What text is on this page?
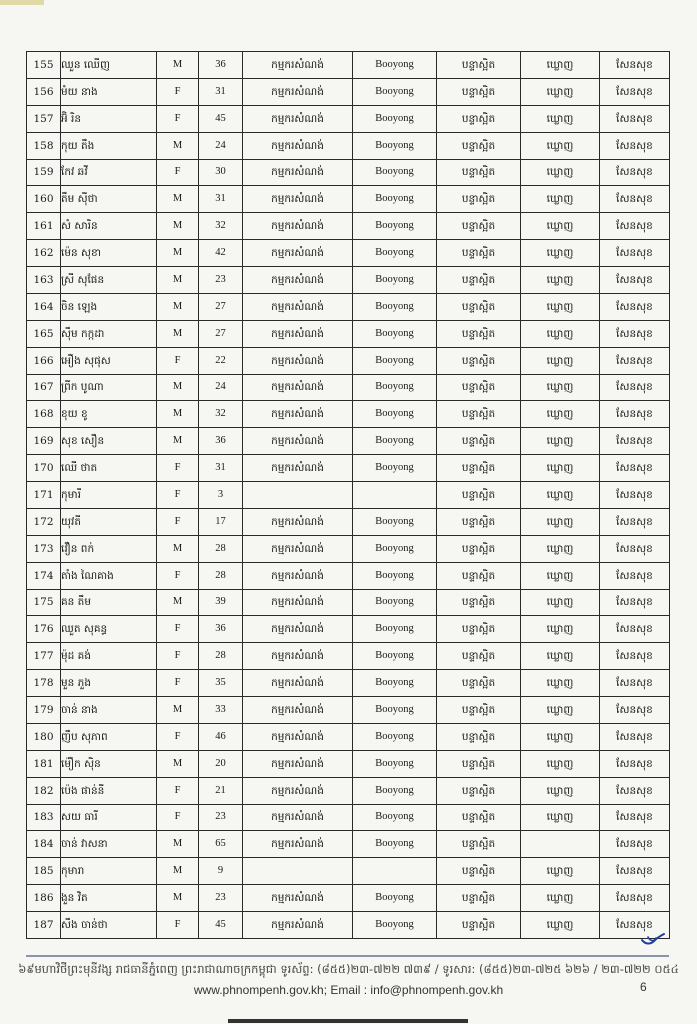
155	ឈួន ឈើញ	M	36	កម្មករសំណង់	Booyong	បន្ទាស្អិត	ឃ្លោញ	សែនសុខ
156	មំយ នាង	F	31	កម្មករសំណង់	Booyong	បន្ទាស្អិត	ឃ្លោញ	សែនសុខ
157	អ៊ិ រិន	F	45	កម្មករសំណង់	Booyong	បន្ទាស្អិត	ឃ្លោញ	សែនសុខ
158	កុយ តឹង	M	24	កម្មករសំណង់	Booyong	បន្ទាស្អិត	ឃ្លោញ	សែនសុខ
159	កែវ ឆវី	F	30	កម្មករសំណង់	Booyong	បន្ទាស្អិត	ឃ្លោញ	សែនសុខ
160	តឹម ស៊ីថា	M	31	កម្មករសំណង់	Booyong	បន្ទាស្អិត	ឃ្លោញ	សែនសុខ
161	សំ សារិន	M	32	កម្មករសំណង់	Booyong	បន្ទាស្អិត	ឃ្លោញ	សែនសុខ
162	ម៉េន សុខា	M	42	កម្មករសំណង់	Booyong	បន្ទាស្អិត	ឃ្លោញ	សែនសុខ
163	ស្រី សុផែន	M	23	កម្មករសំណង់	Booyong	បន្ទាស្អិត	ឃ្លោញ	សែនសុខ
164	ចិន ឡេង	M	27	កម្មករសំណង់	Booyong	បន្ទាស្អិត	ឃ្លោញ	សែនសុខ
165	ស៊ឹម កក្កដា	M	27	កម្មករសំណង់	Booyong	បន្ទាស្អិត	ឃ្លោញ	សែនសុខ
166	អឿង សុផុស	F	22	កម្មករសំណង់	Booyong	បន្ទាស្អិត	ឃ្លោញ	សែនសុខ
167	ព្រីក បូណា	M	24	កម្មករសំណង់	Booyong	បន្ទាស្អិត	ឃ្លោញ	សែនសុខ
168	ខុយ ខូ	M	32	កម្មករសំណង់	Booyong	បន្ទាស្អិត	ឃ្លោញ	សែនសុខ
169	សុខ សឿន	M	36	កម្មករសំណង់	Booyong	បន្ទាស្អិត	ឃ្លោញ	សែនសុខ
170	ឈើ ថាត	F	31	កម្មករសំណង់	Booyong	បន្ទាស្អិត	ឃ្លោញ	សែនសុខ
171	កុមារី	F	3			បន្ទាស្អិត	ឃ្លោញ	សែនសុខ
172	យុវតី	F	17	កម្មករសំណង់	Booyong	បន្ទាស្អិត	ឃ្លោញ	សែនសុខ
173	វឿន ពក់	M	28	កម្មករសំណង់	Booyong	បន្ទាស្អិត	ឃ្លោញ	សែនសុខ
174	តាំង ណៃគាង	F	28	កម្មករសំណង់	Booyong	បន្ទាស្អិត	ឃ្លោញ	សែនសុខ
175	គន តឹម	M	39	កម្មករសំណង់	Booyong	បន្ទាស្អិត	ឃ្លោញ	សែនសុខ
176	ឈួត សុគន្ធ	F	36	កម្មករសំណង់	Booyong	បន្ទាស្អិត	ឃ្លោញ	សែនសុខ
177	ម៉ុដ គង់	F	28	កម្មករសំណង់	Booyong	បន្ទាស្អិត	ឃ្លោញ	សែនសុខ
178	មួន ភួង	F	35	កម្មករសំណង់	Booyong	បន្ទាស្អិត	ឃ្លោញ	សែនសុខ
179	ចាន់ នាង	M	33	កម្មករសំណង់	Booyong	បន្ទាស្អិត	ឃ្លោញ	សែនសុខ
180	ញឹប សុភាព	F	46	កម្មករសំណង់	Booyong	បន្ទាស្អិត	ឃ្លោញ	សែនសុខ
181	ម៉ឿក ស៊ិន	M	20	កម្មករសំណង់	Booyong	បន្ទាស្អិត	ឃ្លោញ	សែនសុខ
182	ប៉េង ផាន់នី	F	21	កម្មករសំណង់	Booyong	បន្ទាស្អិត	ឃ្លោញ	សែនសុខ
183	សយ ធារី	F	23	កម្មករសំណង់	Booyong	បន្ទាស្អិត	ឃ្លោញ	សែនសុខ
184	ចាន់ វាសនា	M	65	កម្មករសំណង់	Booyong	បន្ទាស្អិត		សែនសុខ
185	កុមារា	M	9			បន្ទាស្អិត	ឃ្លោញ	សែនសុខ
186	ងួន វិត	M	23	កម្មករសំណង់	Booyong	បន្ទាស្អិត	ឃ្លោញ	សែនសុខ
187	សឹង ចាន់ថា	F	45	កម្មករសំណង់	Booyong	បន្ទាស្អិត	ឃ្លោញ	សែនសុខ
៦៩មហាវិថីព្រះមុនីវង្ស រាជធានីភ្នំពេញ ព្រះរាជាណាចក្រកម្ពុជា ទូរស័ព្ទ: (៨៥៥)២៣-៧២២ ៧៣៩ / ទូរសារ: (៨៥៥)២៣-៧២៥ ៦២៦ / ២៣-៧២២ ០៥៤
www.phnompenh.gov.kh; Email : info@phnompenh.gov.kh	6
